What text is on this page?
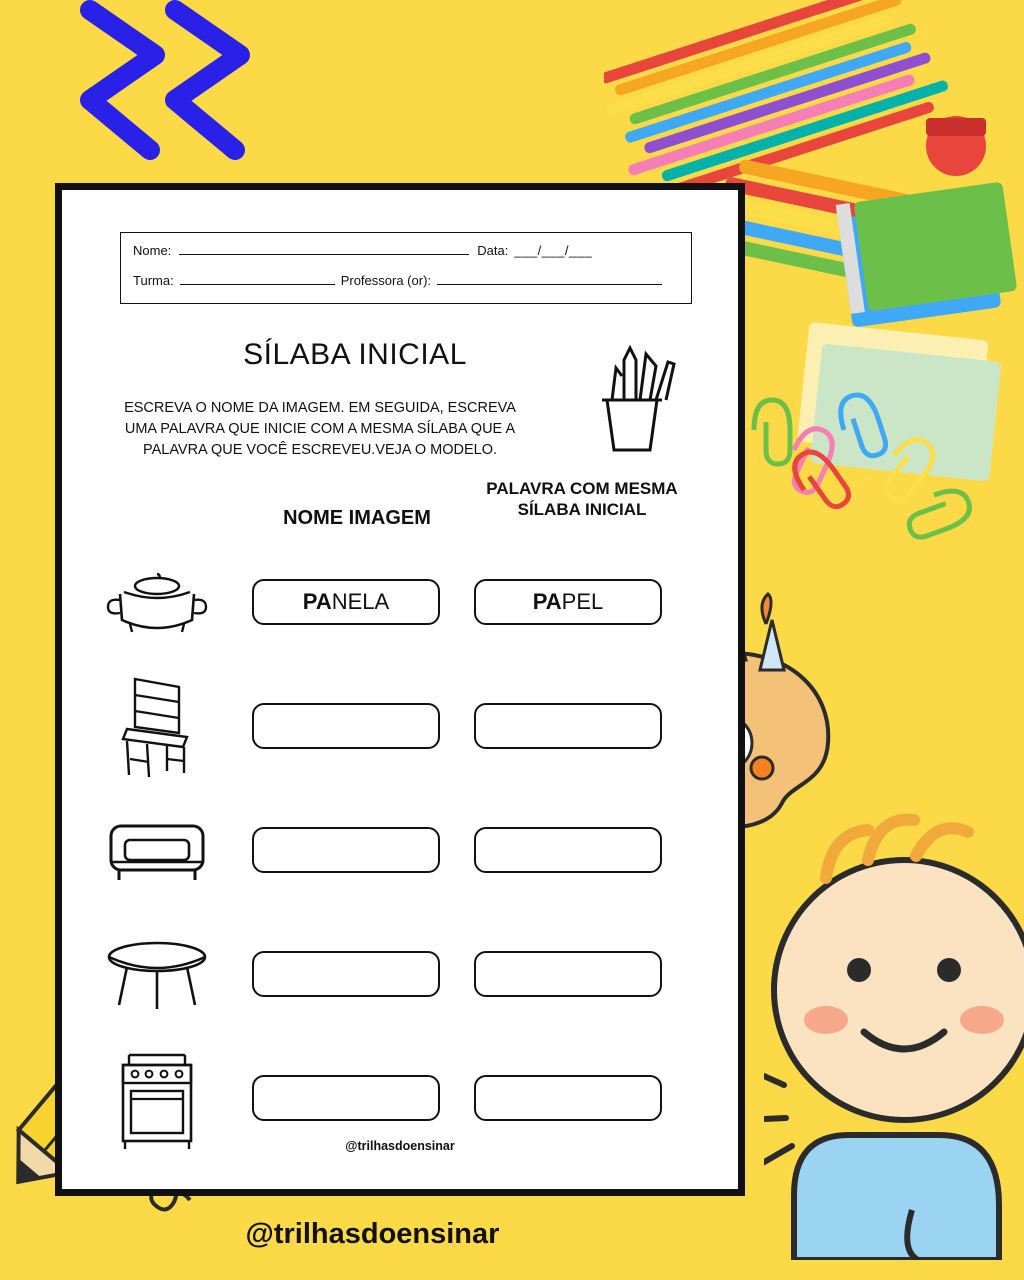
Nome:	Data: ___/___/___
Turma:	Professora (or):
SÍLABA INICIAL
ESCREVA O NOME DA IMAGEM. EM SEGUIDA, ESCREVA UMA PALAVRA QUE INICIE COM A MESMA SÍLABA QUE A PALAVRA QUE VOCÊ ESCREVEU.VEJA O MODELO.
NOME IMAGEM
PALAVRA COM MESMA SÍLABA INICIAL
PA NELA	PA PEL
@trilhasdoensinar
@trilhasdoensinar
